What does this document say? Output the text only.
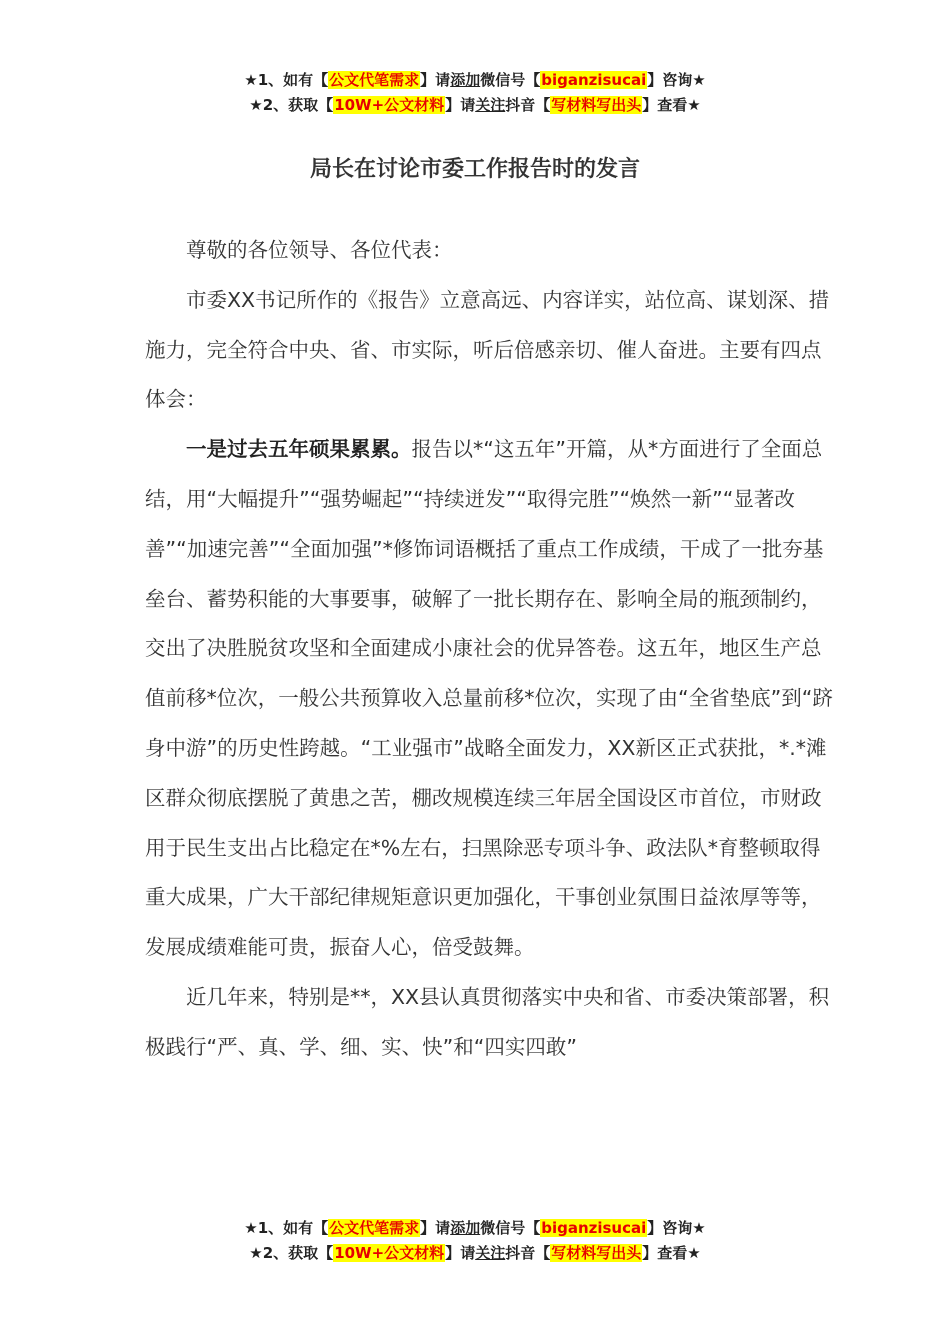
★1、如有【公文代笔需求】请添加微信号【biganzisucai】咨询★
★2、获取【10W+公文材料】请关注抖音【写材料写出头】查看★
局长在讨论市委工作报告时的发言

尊敬的各位领导、各位代表：

市委XX书记所作的《报告》立意高远、内容详实，站位高、谋划深、措施力，完全符合中央、省、市实际，听后倍感亲切、催人奋进。主要有四点体会：

一是过去五年硕果累累。报告以*“这五年”开篇，从*方面进行了全面总结，用“大幅提升”“强势崛起”“持续迸发”“取得完胜”“焕然一新”“显著改善”“加速完善”“全面加强”*修饰词语概括了重点工作成绩，干成了一批夯基垒台、蓄势积能的大事要事，破解了一批长期存在、影响全局的瓶颈制约，交出了决胜脱贫攻坚和全面建成小康社会的优异答卷。这五年，地区生产总值前移*位次，一般公共预算收入总量前移*位次，实现了由“全省垫底”到“跻身中游”的历史性跨越。“工业强市”战略全面发力，XX新区正式获批，*.*滩区群众彻底摆脱了黄患之苦，棚改规模连续三年居全国设区市首位，市财政用于民生支出占比稳定在*%左右，扫黑除恶专项斗争、政法队*育整顿取得重大成果，广大干部纪律规矩意识更加强化，干事创业氛围日益浓厚等等，发展成绩难能可贵，振奋人心，倍受鼓舞。

近几年来，特别是**，XX县认真贯彻落实中央和省、市委决策部署，积极践行“严、真、学、细、实、快”和“四实四敢”

★1、如有【公文代笔需求】请添加微信号【biganzisucai】咨询★
★2、获取【10W+公文材料】请关注抖音【写材料写出头】查看★
